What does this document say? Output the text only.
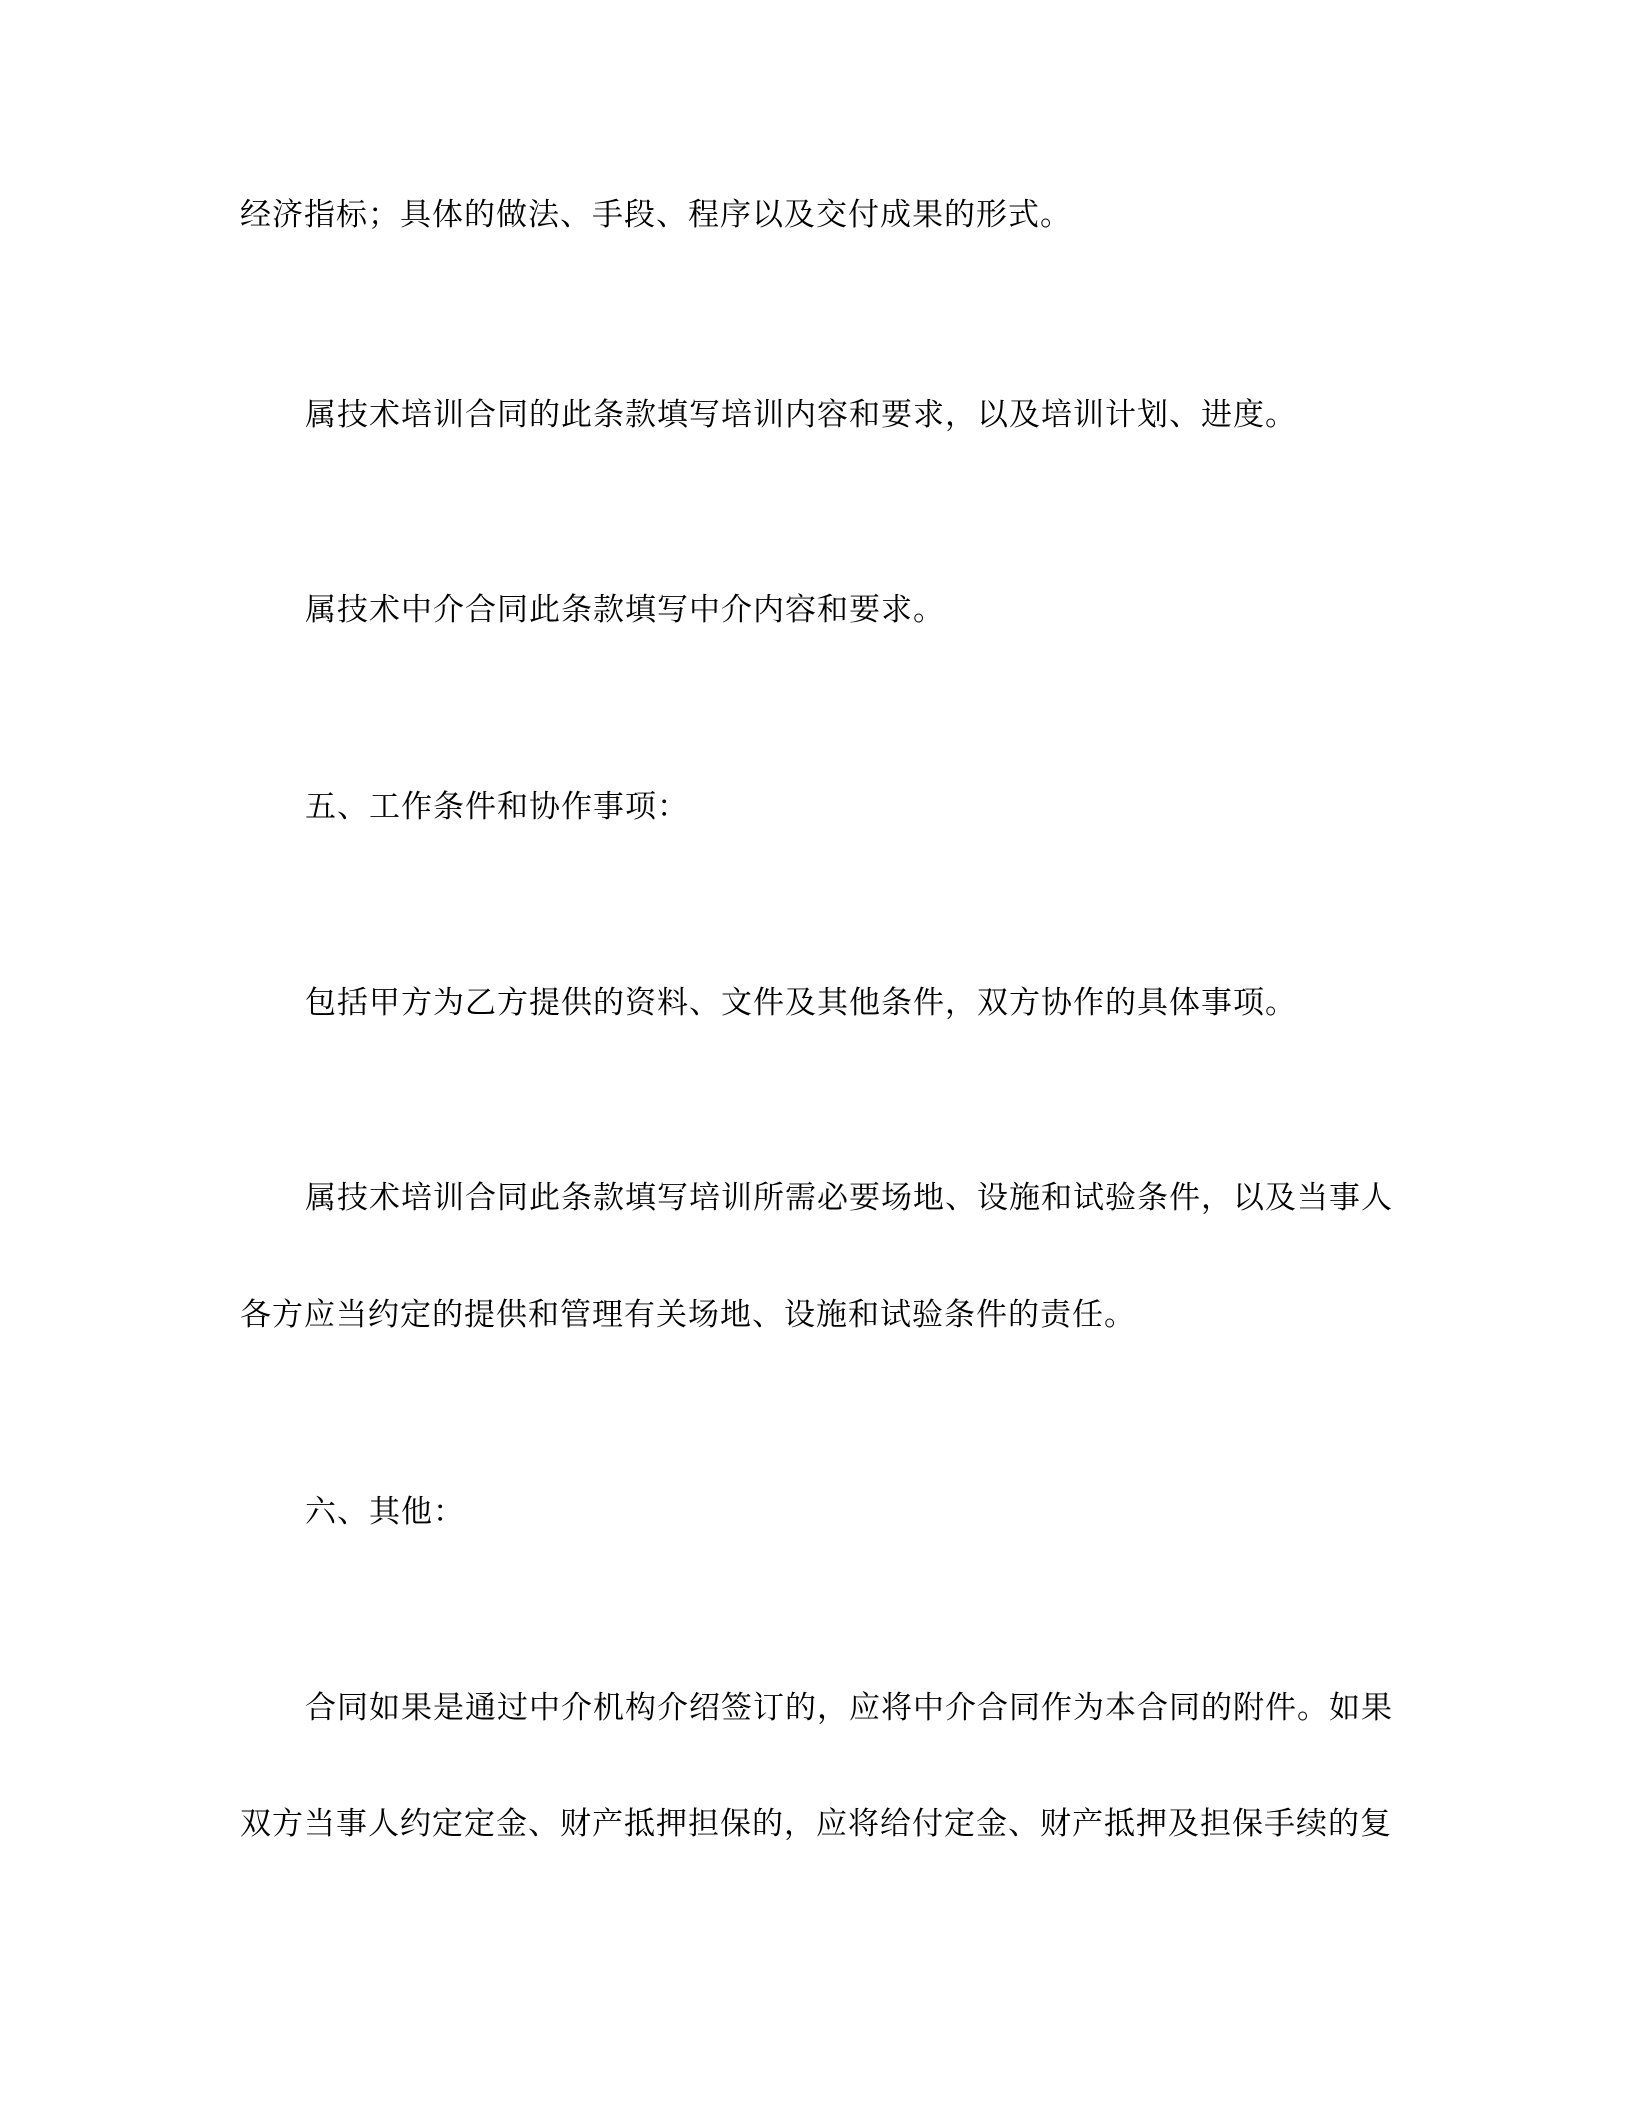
经济指标；具体的做法、手段、程序以及交付成果的形式。
属技术培训合同的此条款填写培训内容和要求，以及培训计划、进度。
属技术中介合同此条款填写中介内容和要求。
五、工作条件和协作事项：
包括甲方为乙方提供的资料、文件及其他条件，双方协作的具体事项。
属技术培训合同此条款填写培训所需必要场地、设施和试验条件，以及当事人
各方应当约定的提供和管理有关场地、设施和试验条件的责任。
六、其他：
合同如果是通过中介机构介绍签订的，应将中介合同作为本合同的附件。如果
双方当事人约定定金、财产抵押担保的，应将给付定金、财产抵押及担保手续的复
